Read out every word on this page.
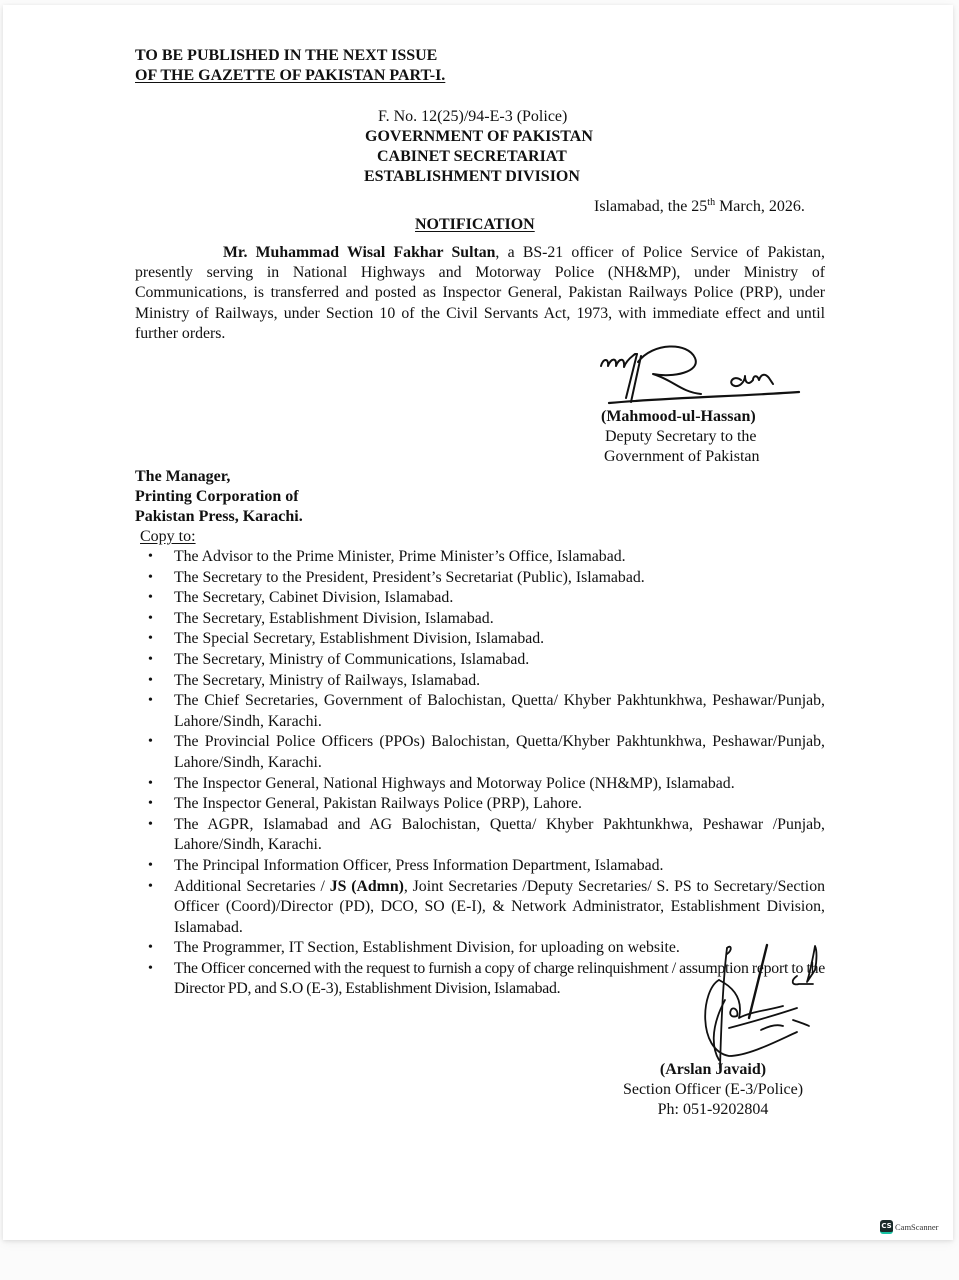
TO BE PUBLISHED IN THE NEXT ISSUE
OF THE GAZETTE OF PAKISTAN PART-I.
F. No. 12(25)/94-E-3 (Police)
GOVERNMENT OF PAKISTAN
CABINET SECRETARIAT
ESTABLISHMENT DIVISION
Islamabad, the 25th March, 2026.
NOTIFICATION
Mr. Muhammad Wisal Fakhar Sultan, a BS-21 officer of Police Service of Pakistan, presently serving in National Highways and Motorway Police (NH&MP), under Ministry of Communications, is transferred and posted as Inspector General, Pakistan Railways Police (PRP), under Ministry of Railways, under Section 10 of the Civil Servants Act, 1973, with immediate effect and until further orders.
(Mahmood-ul-Hassan)
Deputy Secretary to the
Government of Pakistan
The Manager,
Printing Corporation of
Pakistan Press, Karachi.
Copy to:
• The Advisor to the Prime Minister, Prime Minister’s Office, Islamabad.
• The Secretary to the President, President’s Secretariat (Public), Islamabad.
• The Secretary, Cabinet Division, Islamabad.
• The Secretary, Establishment Division, Islamabad.
• The Special Secretary, Establishment Division, Islamabad.
• The Secretary, Ministry of Communications, Islamabad.
• The Secretary, Ministry of Railways, Islamabad.
• The Chief Secretaries, Government of Balochistan, Quetta/ Khyber Pakhtunkhwa, Peshawar/Punjab, Lahore/Sindh, Karachi.
• The Provincial Police Officers (PPOs) Balochistan, Quetta/Khyber Pakhtunkhwa, Peshawar/Punjab, Lahore/Sindh, Karachi.
• The Inspector General, National Highways and Motorway Police (NH&MP), Islamabad.
• The Inspector General, Pakistan Railways Police (PRP), Lahore.
• The AGPR, Islamabad and AG Balochistan, Quetta/ Khyber Pakhtunkhwa, Peshawar /Punjab, Lahore/Sindh, Karachi.
• The Principal Information Officer, Press Information Department, Islamabad.
• Additional Secretaries / JS (Admn), Joint Secretaries /Deputy Secretaries/ S. PS to Secretary/Section Officer (Coord)/Director (PD), DCO, SO (E-I), & Network Administrator, Establishment Division, Islamabad.
• The Programmer, IT Section, Establishment Division, for uploading on website.
• The Officer concerned with the request to furnish a copy of charge relinquishment / assumption report to the Director PD, and S.O (E-3), Establishment Division, Islamabad.
(Arslan Javaid)
Section Officer (E-3/Police)
Ph: 051-9202804
CS CamScanner
